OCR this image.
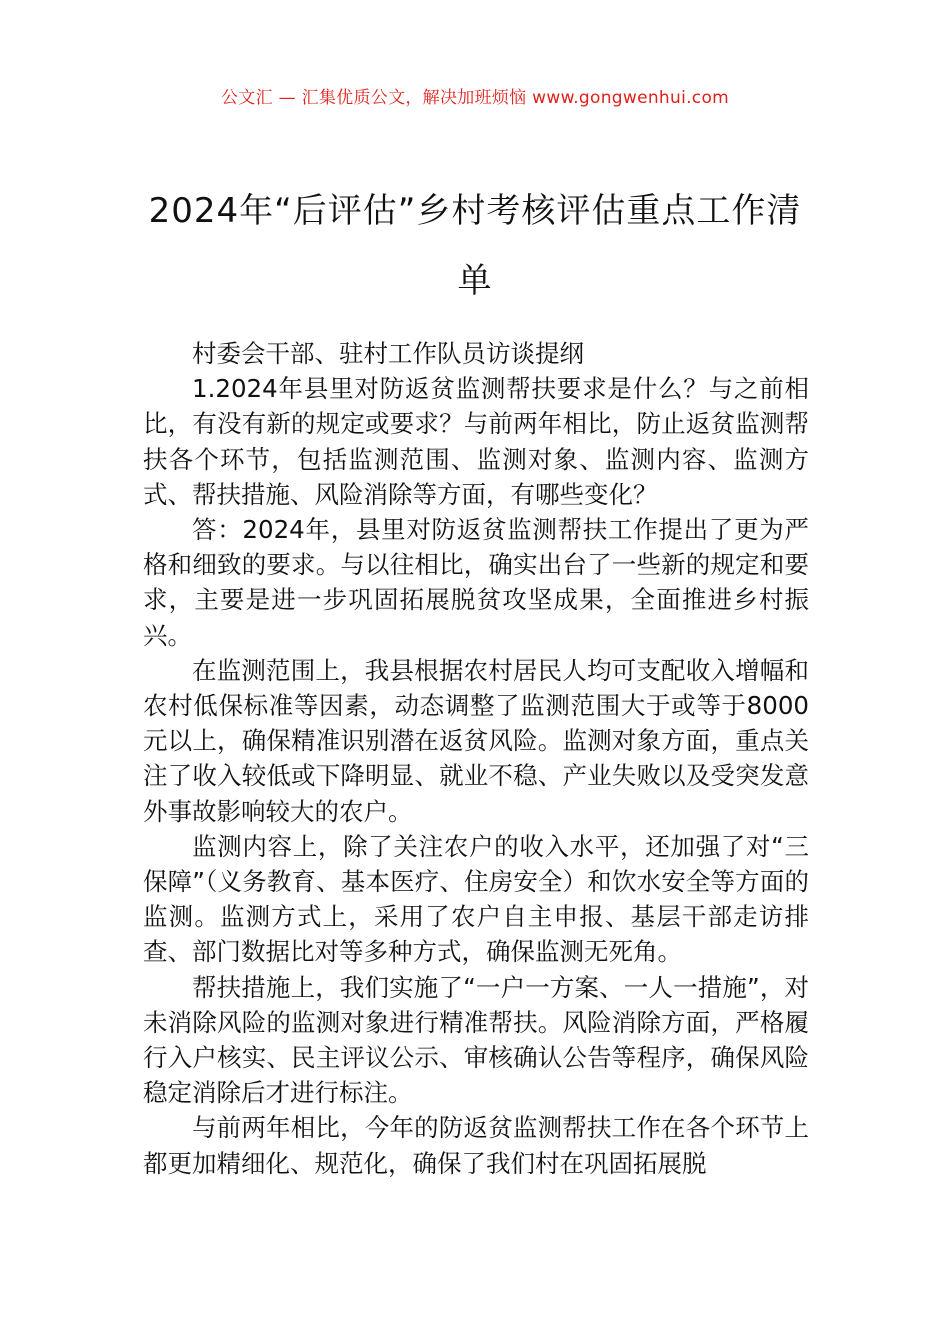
公文汇 — 汇集优质公文，解决加班烦恼 www.gongwenhui.com
2024年“后评估”乡村考核评估重点工作清单

村委会干部、驻村工作队员访谈提纲

1.2024年县里对防返贫监测帮扶要求是什么？与之前相比，有没有新的规定或要求？与前两年相比，防止返贫监测帮扶各个环节，包括监测范围、监测对象、监测内容、监测方式、帮扶措施、风险消除等方面，有哪些变化？

答：2024年，县里对防返贫监测帮扶工作提出了更为严格和细致的要求。与以往相比，确实出台了一些新的规定和要求，主要是进一步巩固拓展脱贫攻坚成果，全面推进乡村振兴。

在监测范围上，我县根据农村居民人均可支配收入增幅和农村低保标准等因素，动态调整了监测范围大于或等于8000元以上，确保精准识别潜在返贫风险。监测对象方面，重点关注了收入较低或下降明显、就业不稳、产业失败以及受突发意外事故影响较大的农户。

监测内容上，除了关注农户的收入水平，还加强了对“三保障”（义务教育、基本医疗、住房安全）和饮水安全等方面的监测。监测方式上，采用了农户自主申报、基层干部走访排查、部门数据比对等多种方式，确保监测无死角。

帮扶措施上，我们实施了“一户一方案、一人一措施”，对未消除风险的监测对象进行精准帮扶。风险消除方面，严格履行入户核实、民主评议公示、审核确认公告等程序，确保风险稳定消除后才进行标注。

与前两年相比，今年的防返贫监测帮扶工作在各个环节上都更加精细化、规范化，确保了我们村在巩固拓展脱
